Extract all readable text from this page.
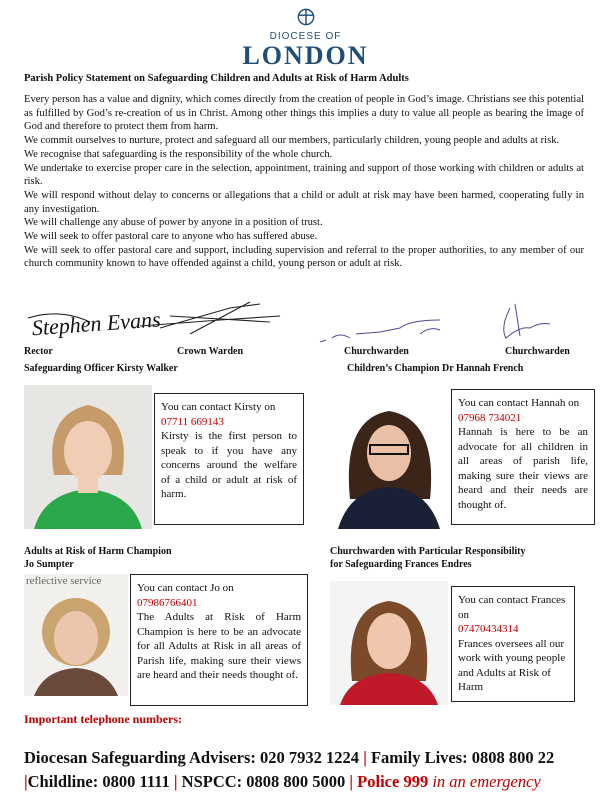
DIOCESE OF
LONDON
Parish Policy Statement on Safeguarding Children and Adults at Risk of Harm Adults

Every person has a value and dignity, which comes directly from the creation of people in God’s image. Christians see this potential as fulfilled by God’s re-creation of us in Christ. Among other things this implies a duty to value all people as bearing the image of God and therefore to protect them from harm.

We commit ourselves to nurture, protect and safeguard all our members, particularly children, young people and adults at risk.

We recognise that safeguarding is the responsibility of the whole church.

We undertake to exercise proper care in the selection, appointment, training and support of those working with children or adults at risk.

We will respond without delay to concerns or allegations that a child or adult at risk may have been harmed, cooperating fully in any investigation.

We will challenge any abuse of power by anyone in a position of trust.

We will seek to offer pastoral care to anyone who has suffered abuse.

We will seek to offer pastoral care and support, including supervision and referral to the proper authorities, to any member of our church community known to have offended against a child, young person or adult at risk.

Stephen Evans
Rector	Crown Warden	Churchwarden	Churchwarden
Safeguarding Officer Kirsty Walker
You can contact Kirsty on
07711 669143

Kirsty is the first person to speak to if you have any concerns around the welfare of a child or adult at risk of harm.
Children’s Champion Dr Hannah French
You can contact Hannah on 07968 734021

Hannah is here to be an advocate for all children in all areas of parish life, making sure their views are heard and their needs are thought of.
Adults at Risk of Harm Champion
Jo Sumpter
reflective service
You can contact Jo on
07986766401

The Adults at Risk of Harm Champion is here to be an advocate for all Adults at Risk in all areas of Parish life, making sure their views are heard and their needs thought of.
Churchwarden with Particular Responsibility
for Safeguarding Frances Endres
You can contact Frances on
07470434314

Frances oversees all our work with young people and Adults at Risk of Harm
Important telephone numbers:
Diocesan Safeguarding Advisers: 020 7932 1224 | Family Lives: 0808 800 22 |Childline: 0800 1111 | NSPCC: 0808 800 5000 | Police 999 in an emergency
